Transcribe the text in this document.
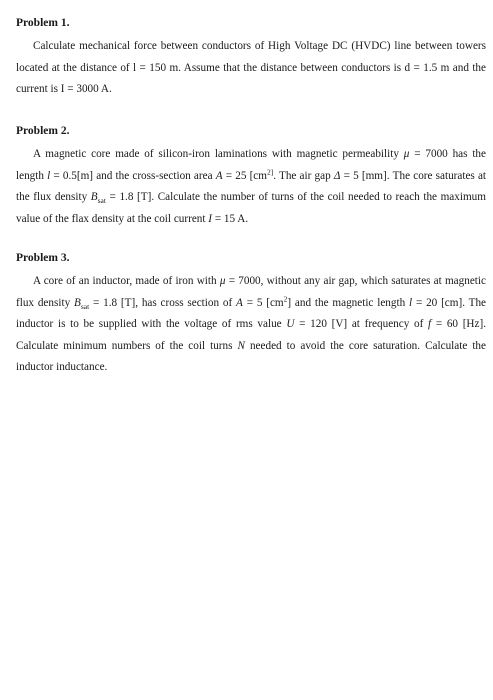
Problem 1.

Calculate mechanical force between conductors of High Voltage DC (HVDC) line between towers located at the distance of l = 150 m. Assume that the distance between conductors is d = 1.5 m and the current is I = 3000 A.

Problem 2.

A magnetic core made of silicon-iron laminations with magnetic permeability μ = 7000 has the length l = 0.5[m] and the cross-section area A = 25 [$cm^{2]}$. The air gap Δ = 5 [mm]. The core saturates at the flux density $B_{sat} = 1.8$ [T]. Calculate the number of turns of the coil needed to reach the maximum value of the flax density at the coil current I = 15 A.

Problem 3.

A core of an inductor, made of iron with μ = 7000, without any air gap, which saturates at magnetic flux density $B_{sat} = 1.8$ [T], has cross section of A = 5 $[cm^2]$ and the magnetic length l = 20 [cm]. The inductor is to be supplied with the voltage of rms value U = 120 [V] at frequency of f = 60 [Hz]. Calculate minimum numbers of the coil turns N needed to avoid the core saturation. Calculate the inductor inductance.
